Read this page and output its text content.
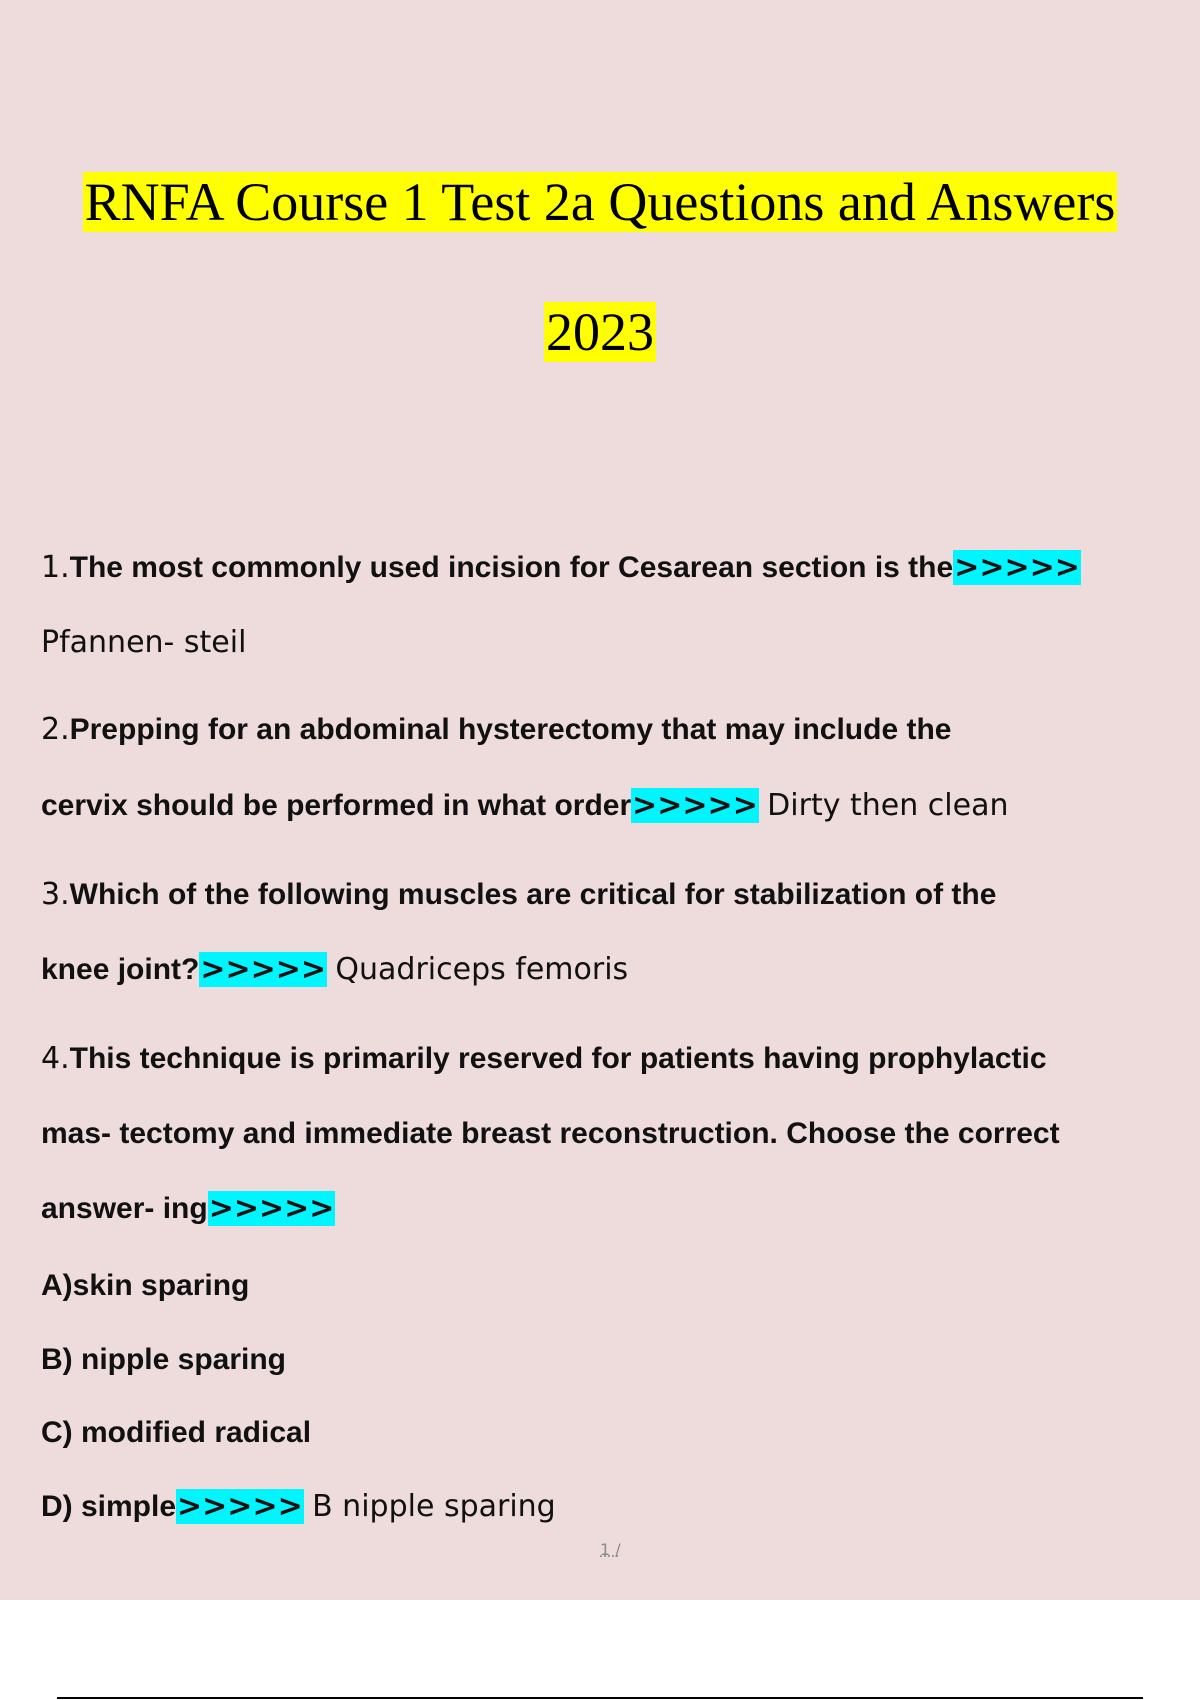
RNFA Course 1 Test 2a Questions and Answers
2023
1.The most commonly used incision for Cesarean section is the>>>>>
Pfannen- steil
2.Prepping for an abdominal hysterectomy that may include the
cervix should be performed in what order>>>>> Dirty then clean
3.Which of the following muscles are critical for stabilization of the
knee joint?>>>>> Quadriceps femoris
4.This technique is primarily reserved for patients having prophylactic
mas- tectomy and immediate breast reconstruction. Choose the correct
answer- ing>>>>>
A)skin sparing
B) nipple sparing
C) modified radical
D) simple>>>>> B nipple sparing
1 /
